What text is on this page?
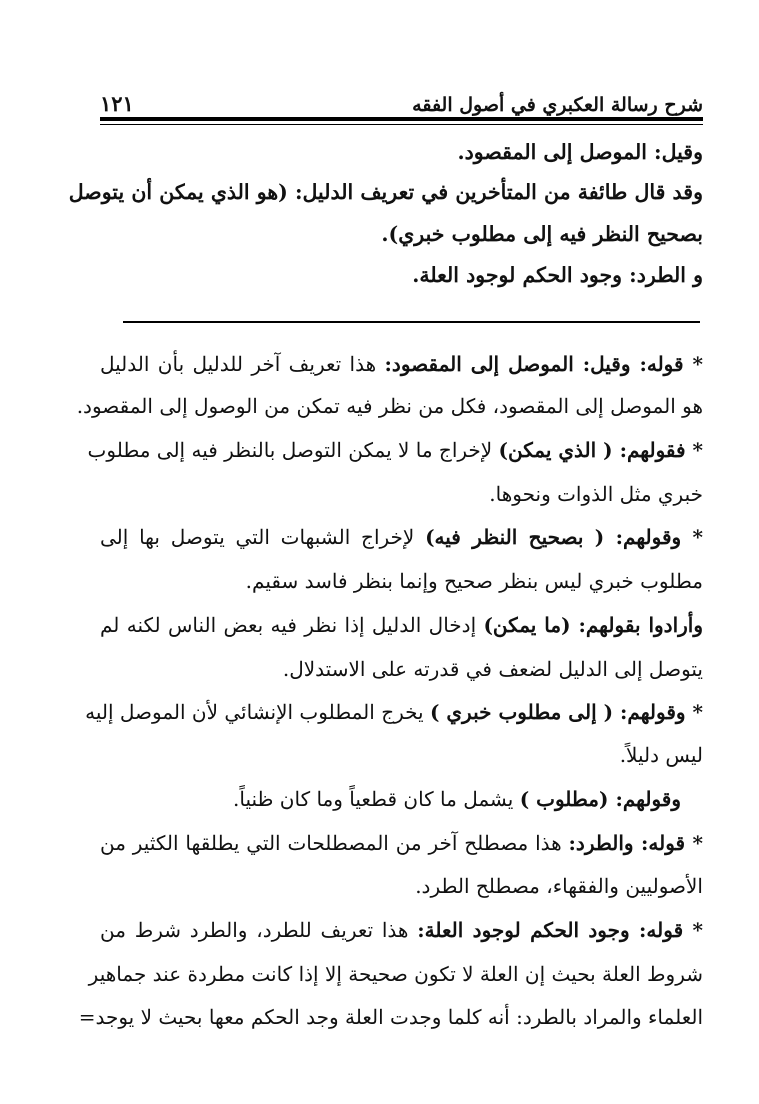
١٢١	شرح رسالة العكبري في أصول الفقه
وقيل: الموصل إلى المقصود.
وقد قال طائفة من المتأخرين في تعريف الدليل: (هو الذي يمكن أن يتوصل
بصحيح النظر فيه إلى مطلوب خبري).
و الطرد: وجود الحكم لوجود العلة.
* قوله: وقيل: الموصل إلى المقصود: هذا تعريف آخر للدليل بأن الدليل
هو الموصل إلى المقصود، فكل من نظر فيه تمكن من الوصول إلى المقصود.
* فقولهم: ( الذي يمكن) لإخراج ما لا يمكن التوصل بالنظر فيه إلى مطلوب
خبري مثل الذوات ونحوها.
* وقولهم: ( بصحيح النظر فيه) لإخراج الشبهات التي يتوصل بها إلى
مطلوب خبري ليس بنظر صحيح وإنما بنظر فاسد سقيم.
وأرادوا بقولهم: (ما يمكن) إدخال الدليل إذا نظر فيه بعض الناس لكنه لم
يتوصل إلى الدليل لضعف في قدرته على الاستدلال.
* وقولهم: ( إلى مطلوب خبري ) يخرج المطلوب الإنشائي لأن الموصل إليه
ليس دليلاً.
وقولهم: (مطلوب ) يشمل ما كان قطعياً وما كان ظنياً.
* قوله: والطرد: هذا مصطلح آخر من المصطلحات التي يطلقها الكثير من
الأصوليين والفقهاء، مصطلح الطرد.
* قوله: وجود الحكم لوجود العلة: هذا تعريف للطرد، والطرد شرط من
شروط العلة بحيث إن العلة لا تكون صحيحة إلا إذا كانت مطردة عند جماهير
العلماء والمراد بالطرد: أنه كلما وجدت العلة وجد الحكم معها بحيث لا يوجد=
